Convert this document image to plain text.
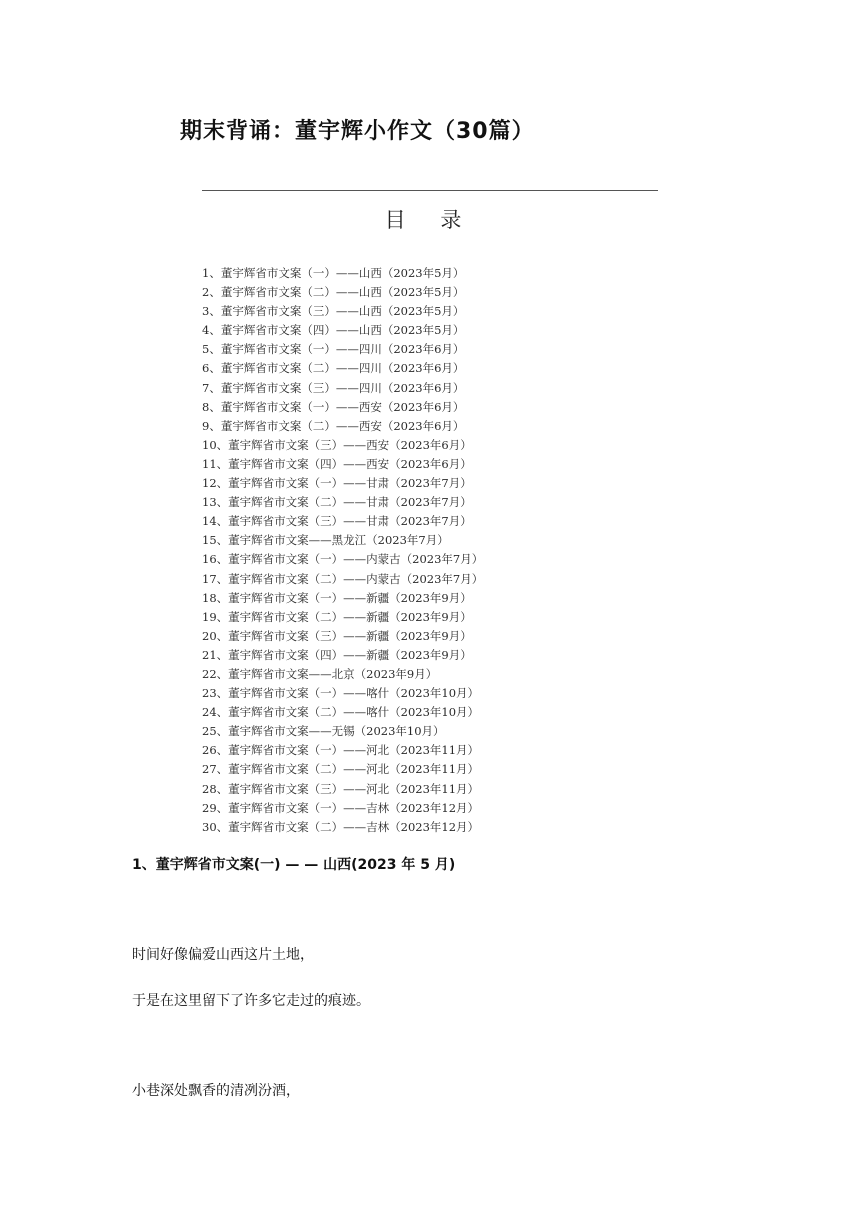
期末背诵：董宇辉小作文（30篇）
目 录
1、董宇辉省市文案（一）——山西（2023年5月）
2、董宇辉省市文案（二）——山西（2023年5月）
3、董宇辉省市文案（三）——山西（2023年5月）
4、董宇辉省市文案（四）——山西（2023年5月）
5、董宇辉省市文案（一）——四川（2023年6月）
6、董宇辉省市文案（二）——四川（2023年6月）
7、董宇辉省市文案（三）——四川（2023年6月）
8、董宇辉省市文案（一）——西安（2023年6月）
9、董宇辉省市文案（二）——西安（2023年6月）
10、董宇辉省市文案（三）——西安（2023年6月）
11、董宇辉省市文案（四）——西安（2023年6月）
12、董宇辉省市文案（一）——甘肃（2023年7月）
13、董宇辉省市文案（二）——甘肃（2023年7月）
14、董宇辉省市文案（三）——甘肃（2023年7月）
15、董宇辉省市文案——黑龙江（2023年7月）
16、董宇辉省市文案（一）——内蒙古（2023年7月）
17、董宇辉省市文案（二）——内蒙古（2023年7月）
18、董宇辉省市文案（一）——新疆（2023年9月）
19、董宇辉省市文案（二）——新疆（2023年9月）
20、董宇辉省市文案（三）——新疆（2023年9月）
21、董宇辉省市文案（四）——新疆（2023年9月）
22、董宇辉省市文案——北京（2023年9月）
23、董宇辉省市文案（一）——喀什（2023年10月）
24、董宇辉省市文案（二）——喀什（2023年10月）
25、董宇辉省市文案——无锡（2023年10月）
26、董宇辉省市文案（一）——河北（2023年11月）
27、董宇辉省市文案（二）——河北（2023年11月）
28、董宇辉省市文案（三）——河北（2023年11月）
29、董宇辉省市文案（一）——吉林（2023年12月）
30、董宇辉省市文案（二）——吉林（2023年12月）
1、董宇辉省市文案(一) — — 山西(2023 年 5 月)
时间好像偏爱山西这片土地，
于是在这里留下了许多它走过的痕迹。
小巷深处飘香的清冽汾酒，
